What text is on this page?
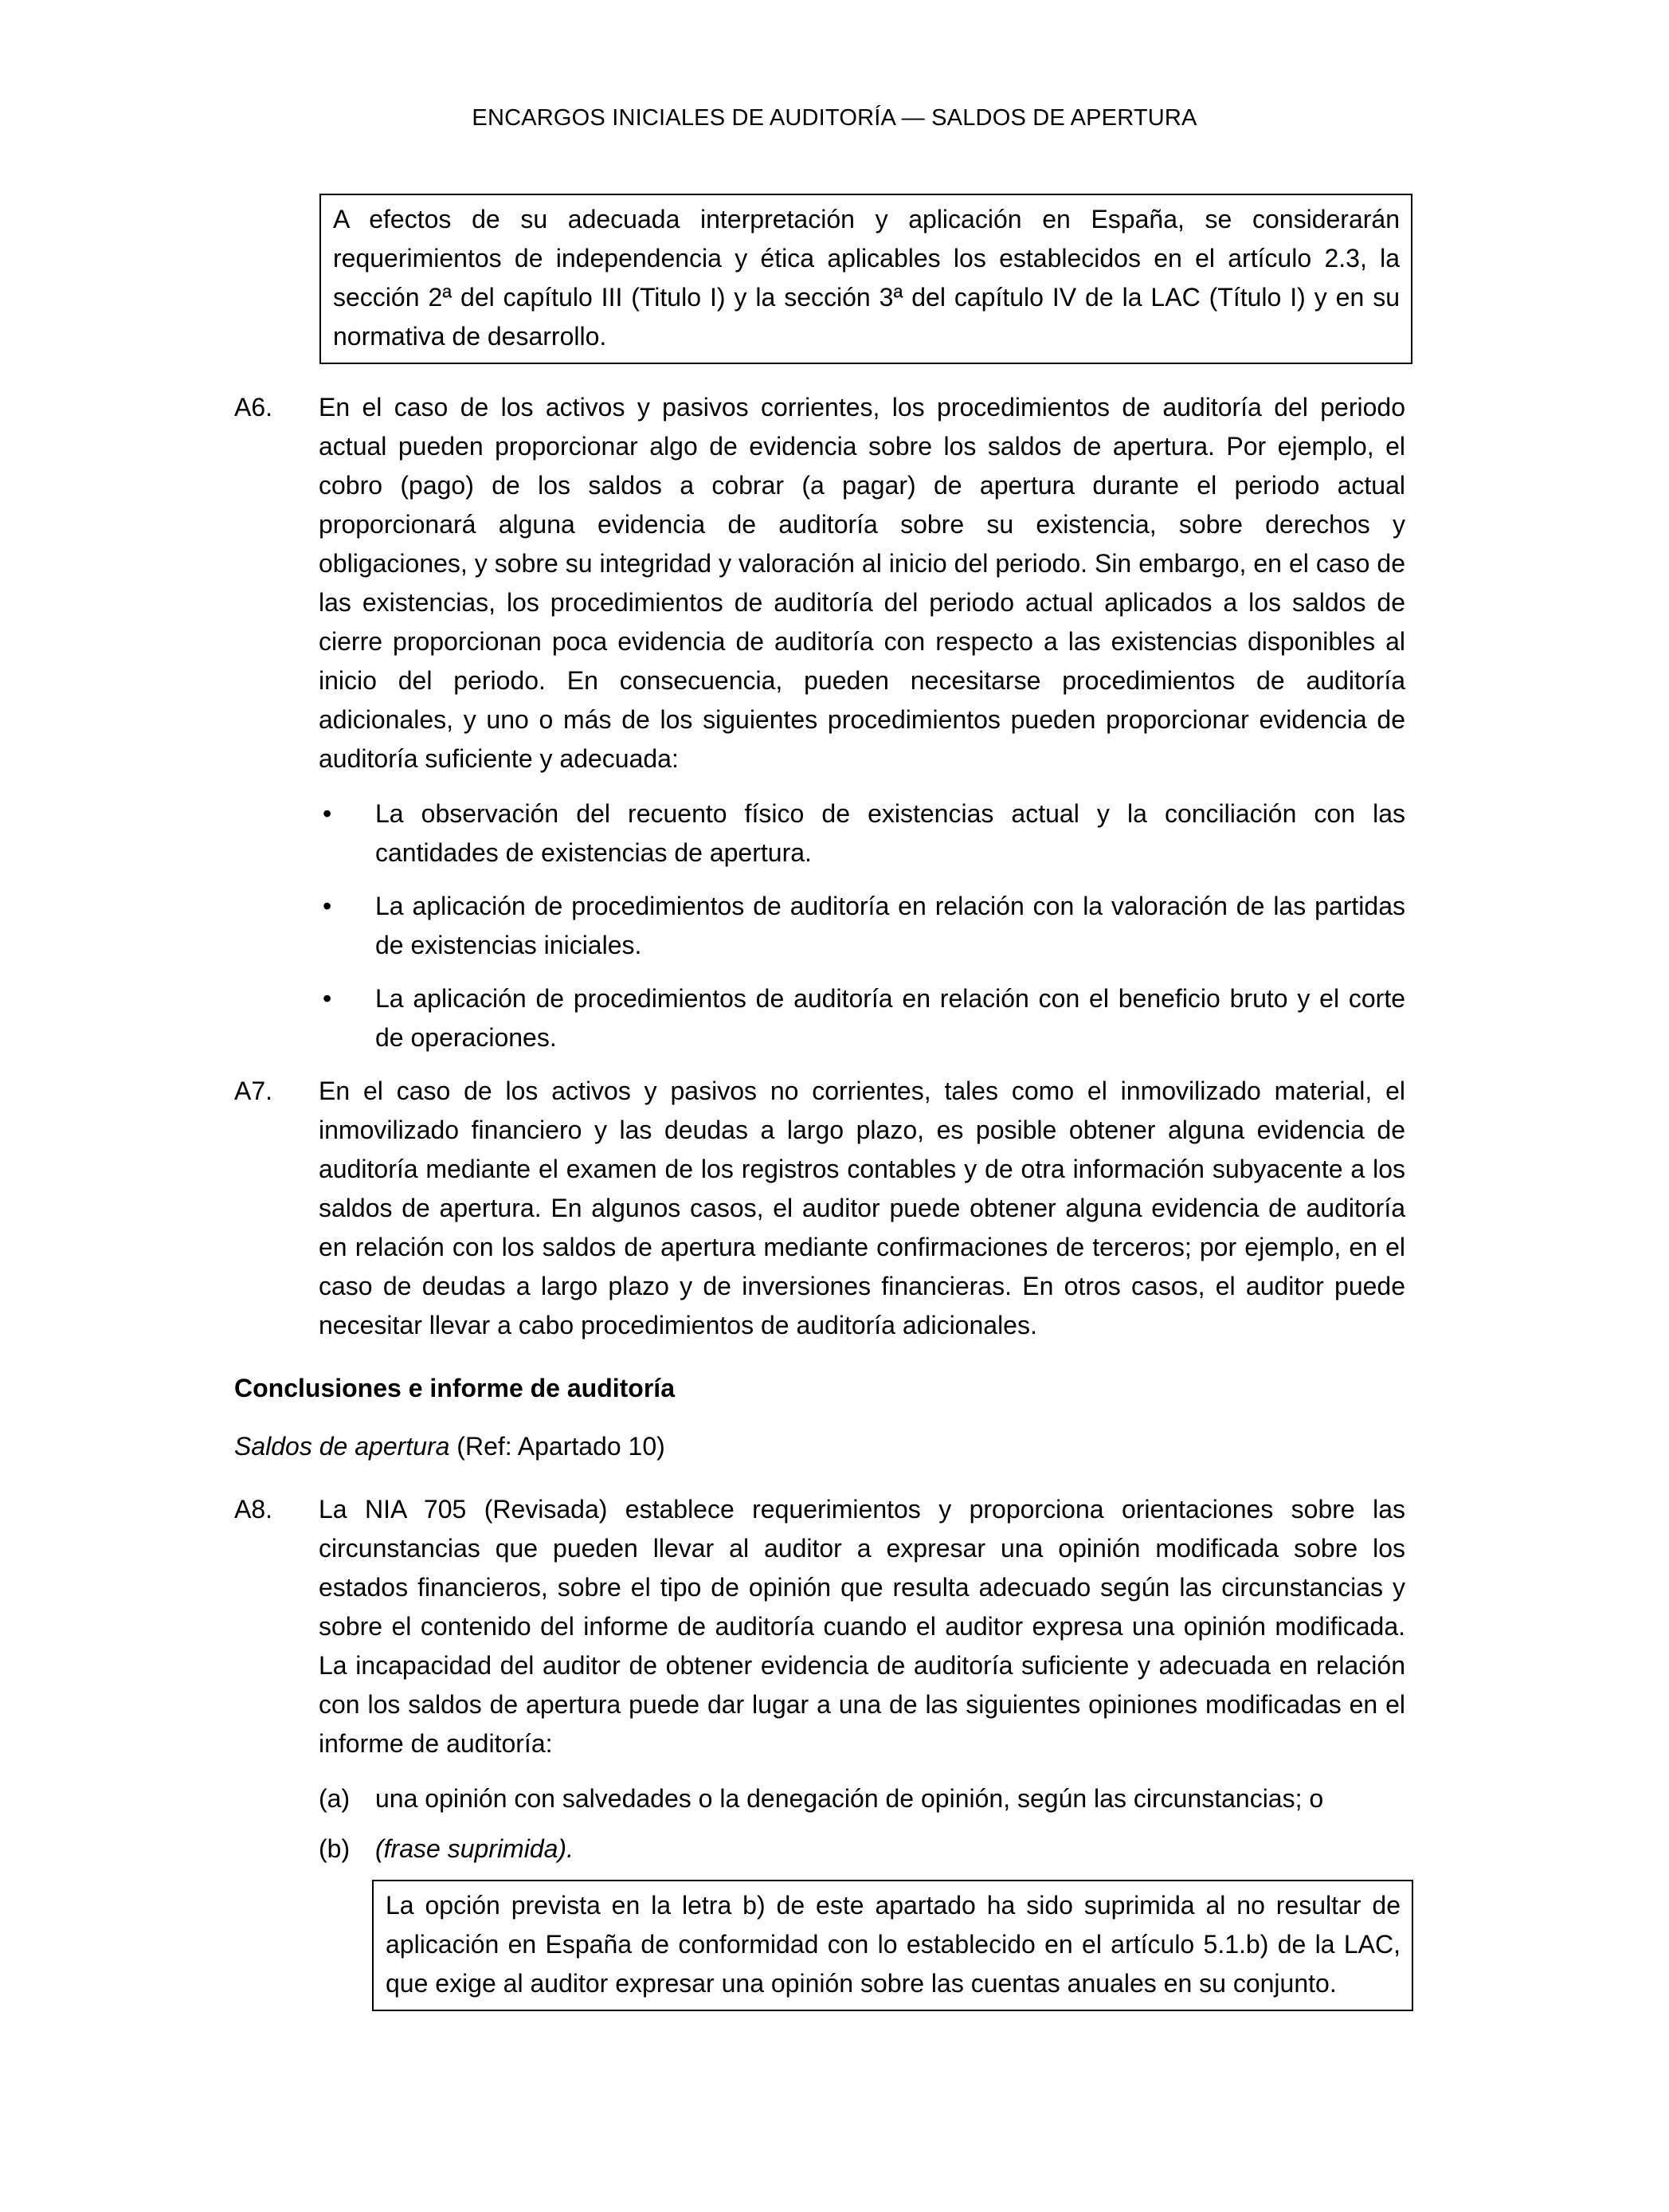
ENCARGOS INICIALES DE AUDITORÍA — SALDOS DE APERTURA
A efectos de su adecuada interpretación y aplicación en España, se considerarán requerimientos de independencia y ética aplicables los establecidos en el artículo 2.3, la sección 2ª del capítulo III (Titulo I) y la sección 3ª del capítulo IV de la LAC (Título I) y en su normativa de desarrollo.
A6.	En el caso de los activos y pasivos corrientes, los procedimientos de auditoría del periodo actual pueden proporcionar algo de evidencia sobre los saldos de apertura. Por ejemplo, el cobro (pago) de los saldos a cobrar (a pagar) de apertura durante el periodo actual proporcionará alguna evidencia de auditoría sobre su existencia, sobre derechos y obligaciones, y sobre su integridad y valoración al inicio del periodo. Sin embargo, en el caso de las existencias, los procedimientos de auditoría del periodo actual aplicados a los saldos de cierre proporcionan poca evidencia de auditoría con respecto a las existencias disponibles al inicio del periodo. En consecuencia, pueden necesitarse procedimientos de auditoría adicionales, y uno o más de los siguientes procedimientos pueden proporcionar evidencia de auditoría suficiente y adecuada:
•	La observación del recuento físico de existencias actual y la conciliación con las cantidades de existencias de apertura.
•	La aplicación de procedimientos de auditoría en relación con la valoración de las partidas de existencias iniciales.
•	La aplicación de procedimientos de auditoría en relación con el beneficio bruto y el corte de operaciones.
A7.	En el caso de los activos y pasivos no corrientes, tales como el inmovilizado material, el inmovilizado financiero y las deudas a largo plazo, es posible obtener alguna evidencia de auditoría mediante el examen de los registros contables y de otra información subyacente a los saldos de apertura. En algunos casos, el auditor puede obtener alguna evidencia de auditoría en relación con los saldos de apertura mediante confirmaciones de terceros; por ejemplo, en el caso de deudas a largo plazo y de inversiones financieras. En otros casos, el auditor puede necesitar llevar a cabo procedimientos de auditoría adicionales.
Conclusiones e informe de auditoría
Saldos de apertura (Ref: Apartado 10)
A8.	La NIA 705 (Revisada) establece requerimientos y proporciona orientaciones sobre las circunstancias que pueden llevar al auditor a expresar una opinión modificada sobre los estados financieros, sobre el tipo de opinión que resulta adecuado según las circunstancias y sobre el contenido del informe de auditoría cuando el auditor expresa una opinión modificada. La incapacidad del auditor de obtener evidencia de auditoría suficiente y adecuada en relación con los saldos de apertura puede dar lugar a una de las siguientes opiniones modificadas en el informe de auditoría:
(a) una opinión con salvedades o la denegación de opinión, según las circunstancias; o
(b) (frase suprimida).
La opción prevista en la letra b) de este apartado ha sido suprimida al no resultar de aplicación en España de conformidad con lo establecido en el artículo 5.1.b) de la LAC, que exige al auditor expresar una opinión sobre las cuentas anuales en su conjunto.
